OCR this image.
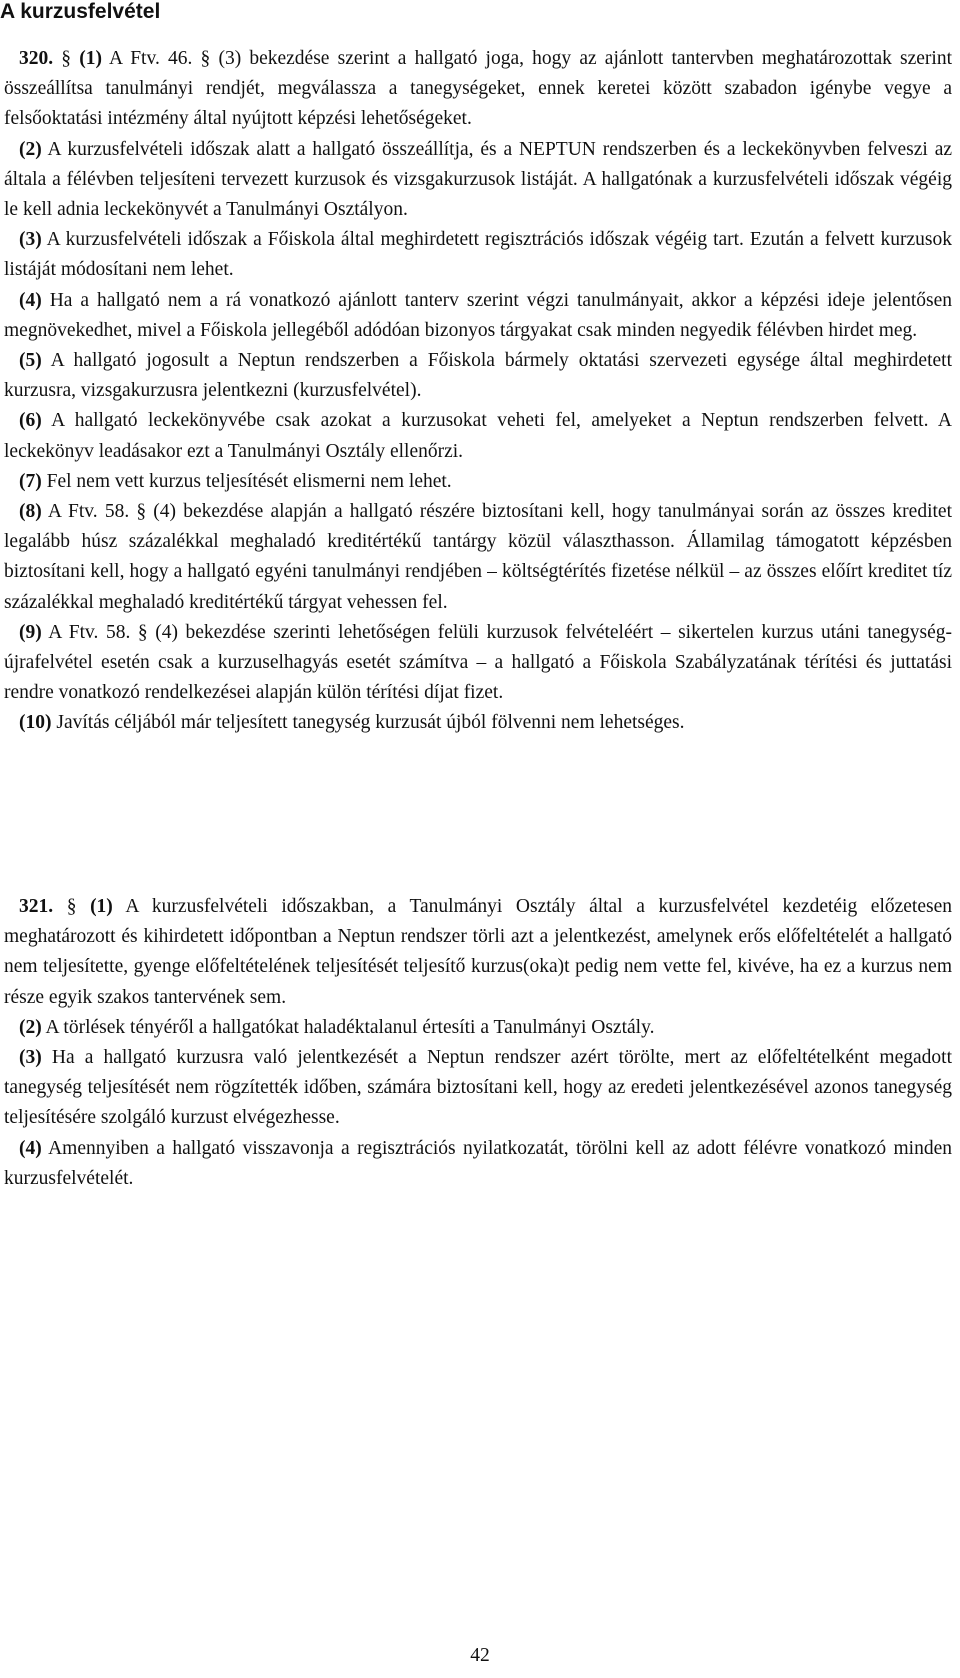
A kurzusfelvétel

320. § (1) A Ftv. 46. § (3) bekezdése szerint a hallgató joga, hogy az ajánlott tantervben meghatározottak szerint összeállítsa tanulmányi rendjét, megválassza a tanegységeket, ennek keretei között szabadon igénybe vegye a felsőoktatási intézmény által nyújtott képzési lehetőségeket.

(2) A kurzusfelvételi időszak alatt a hallgató összeállítja, és a NEPTUN rendszerben és a leckekönyvben felveszi az általa a félévben teljesíteni tervezett kurzusok és vizsgakurzusok listáját. A hallgatónak a kurzusfelvételi időszak végéig le kell adnia leckekönyvét a Tanulmányi Osztályon.

(3) A kurzusfelvételi időszak a Főiskola által meghirdetett regisztrációs időszak végéig tart. Ezután a felvett kurzusok listáját módosítani nem lehet.

(4) Ha a hallgató nem a rá vonatkozó ajánlott tanterv szerint végzi tanulmányait, akkor a képzési ideje jelentősen megnövekedhet, mivel a Főiskola jellegéből adódóan bizonyos tárgyakat csak minden negyedik félévben hirdet meg.

(5) A hallgató jogosult a Neptun rendszerben a Főiskola bármely oktatási szervezeti egysége által meghirdetett kurzusra, vizsgakurzusra jelentkezni (kurzusfelvétel).

(6) A hallgató leckekönyvébe csak azokat a kurzusokat veheti fel, amelyeket a Neptun rendszerben felvett. A leckekönyv leadásakor ezt a Tanulmányi Osztály ellenőrzi.

(7) Fel nem vett kurzus teljesítését elismerni nem lehet.

(8) A Ftv. 58. § (4) bekezdése alapján a hallgató részére biztosítani kell, hogy tanulmányai során az összes kreditet legalább húsz százalékkal meghaladó kreditértékű tantárgy közül választhasson. Államilag támogatott képzésben biztosítani kell, hogy a hallgató egyéni tanulmányi rendjében – költségtérítés fizetése nélkül – az összes előírt kreditet tíz százalékkal meghaladó kreditértékű tárgyat vehessen fel.

(9) A Ftv. 58. § (4) bekezdése szerinti lehetőségen felüli kurzusok felvételéért – sikertelen kurzus utáni tanegység-újrafelvétel esetén csak a kurzuselhagyás esetét számítva – a hallgató a Főiskola Szabályzatának térítési és juttatási rendre vonatkozó rendelkezései alapján külön térítési díjat fizet.

(10) Javítás céljából már teljesített tanegység kurzusát újból fölvenni nem lehetséges.

321. § (1) A kurzusfelvételi időszakban, a Tanulmányi Osztály által a kurzusfelvétel kezdetéig előzetesen meghatározott és kihirdetett időpontban a Neptun rendszer törli azt a jelentkezést, amelynek erős előfeltételét a hallgató nem teljesítette, gyenge előfeltételének teljesítését teljesítő kurzus(oka)t pedig nem vette fel, kivéve, ha ez a kurzus nem része egyik szakos tantervének sem.

(2) A törlések tényéről a hallgatókat haladéktalanul értesíti a Tanulmányi Osztály.

(3) Ha a hallgató kurzusra való jelentkezését a Neptun rendszer azért törölte, mert az előfeltételként megadott tanegység teljesítését nem rögzítették időben, számára biztosítani kell, hogy az eredeti jelentkezésével azonos tanegység teljesítésére szolgáló kurzust elvégezhesse.

(4) Amennyiben a hallgató visszavonja a regisztrációs nyilatkozatát, törölni kell az adott félévre vonatkozó minden kurzusfelvételét.

42
